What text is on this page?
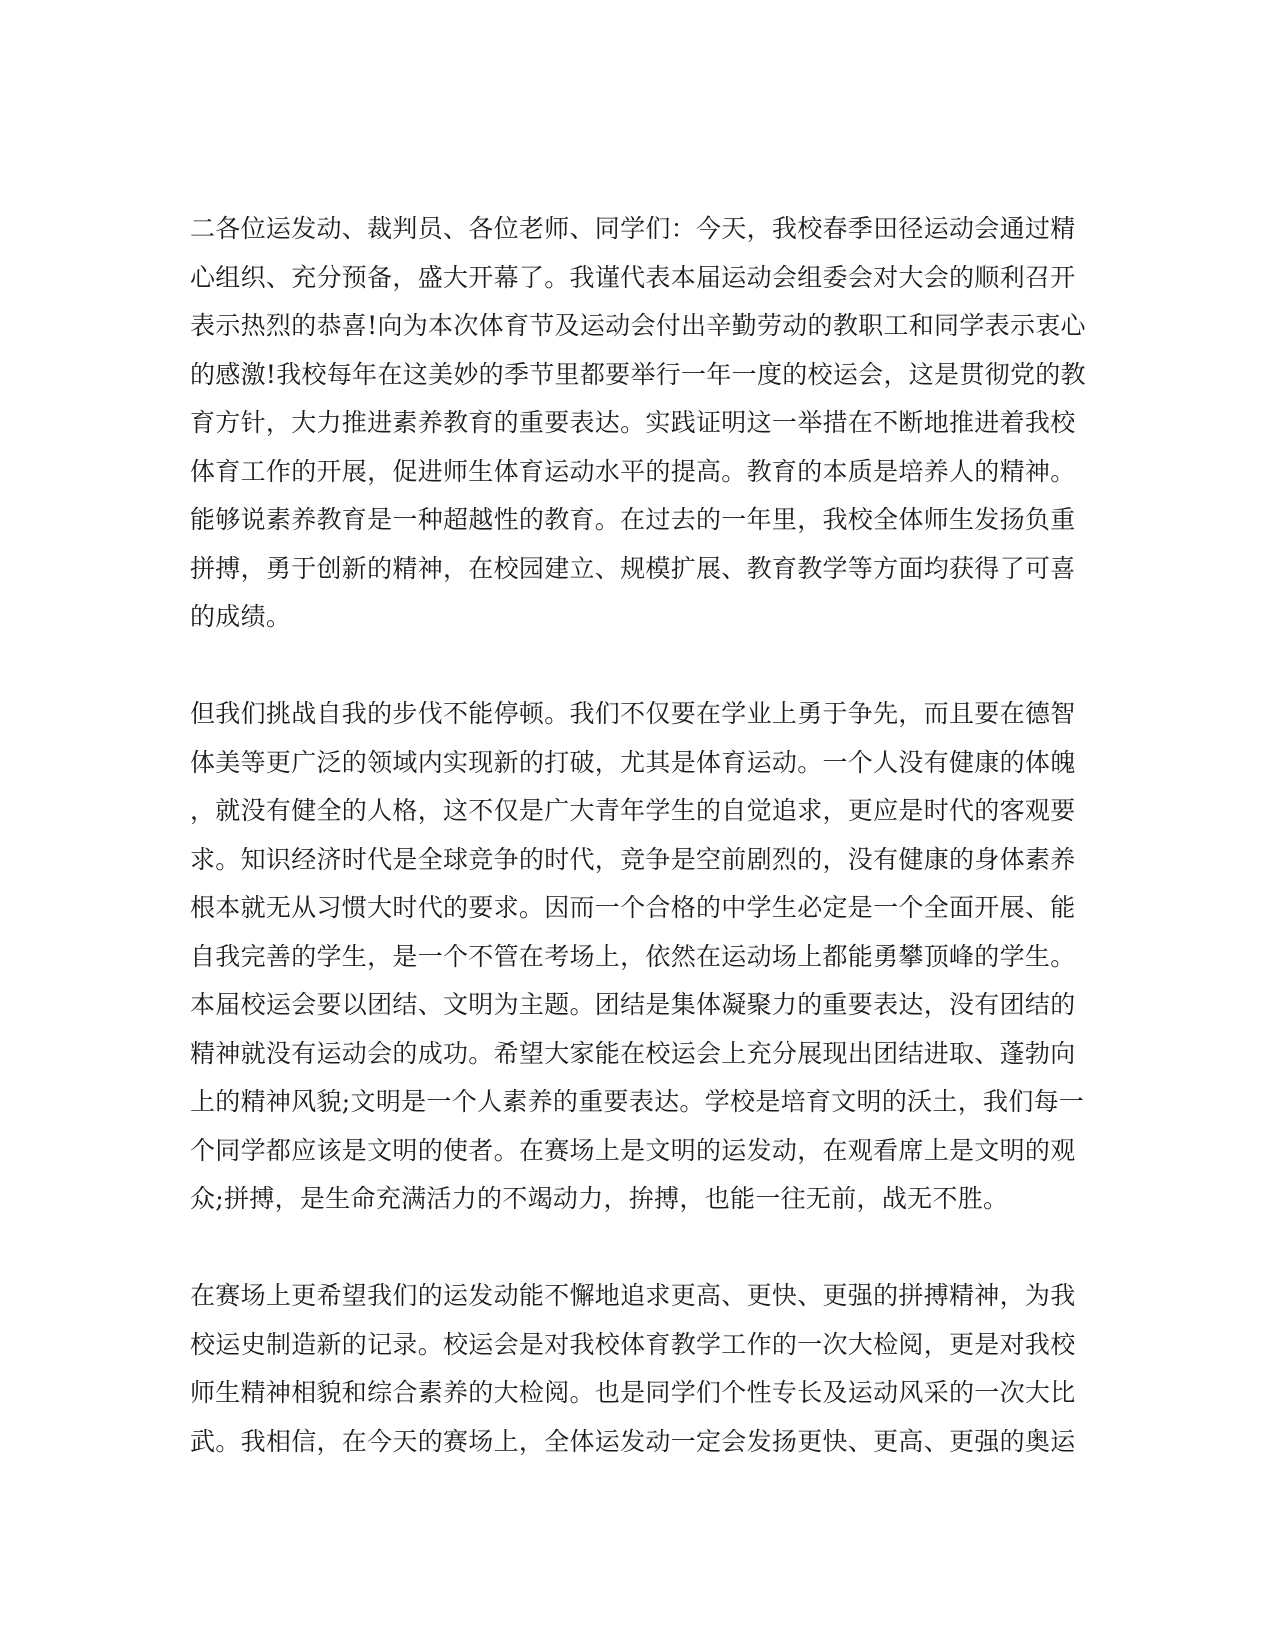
二各位运发动、裁判员、各位老师、同学们：今天，我校春季田径运动会通过精
心组织、充分预备，盛大开幕了。我谨代表本届运动会组委会对大会的顺利召开
表示热烈的恭喜!向为本次体育节及运动会付出辛勤劳动的教职工和同学表示衷心
的感激!我校每年在这美妙的季节里都要举行一年一度的校运会，这是贯彻党的教
育方针，大力推进素养教育的重要表达。实践证明这一举措在不断地推进着我校
体育工作的开展，促进师生体育运动水平的提高。教育的本质是培养人的精神。
能够说素养教育是一种超越性的教育。在过去的一年里，我校全体师生发扬负重
拼搏，勇于创新的精神，在校园建立、规模扩展、教育教学等方面均获得了可喜
的成绩。

但我们挑战自我的步伐不能停顿。我们不仅要在学业上勇于争先，而且要在德智
体美等更广泛的领域内实现新的打破，尤其是体育运动。一个人没有健康的体魄
，就没有健全的人格，这不仅是广大青年学生的自觉追求，更应是时代的客观要
求。知识经济时代是全球竞争的时代，竞争是空前剧烈的，没有健康的身体素养
根本就无从习惯大时代的要求。因而一个合格的中学生必定是一个全面开展、能
自我完善的学生，是一个不管在考场上，依然在运动场上都能勇攀顶峰的学生。
本届校运会要以团结、文明为主题。团结是集体凝聚力的重要表达，没有团结的
精神就没有运动会的成功。希望大家能在校运会上充分展现出团结进取、蓬勃向
上的精神风貌;文明是一个人素养的重要表达。学校是培育文明的沃土，我们每一
个同学都应该是文明的使者。在赛场上是文明的运发动，在观看席上是文明的观
众;拼搏，是生命充满活力的不竭动力，拚搏，也能一往无前，战无不胜。

在赛场上更希望我们的运发动能不懈地追求更高、更快、更强的拼搏精神，为我
校运史制造新的记录。校运会是对我校体育教学工作的一次大检阅，更是对我校
师生精神相貌和综合素养的大检阅。也是同学们个性专长及运动风采的一次大比
武。我相信，在今天的赛场上，全体运发动一定会发扬更快、更高、更强的奥运
